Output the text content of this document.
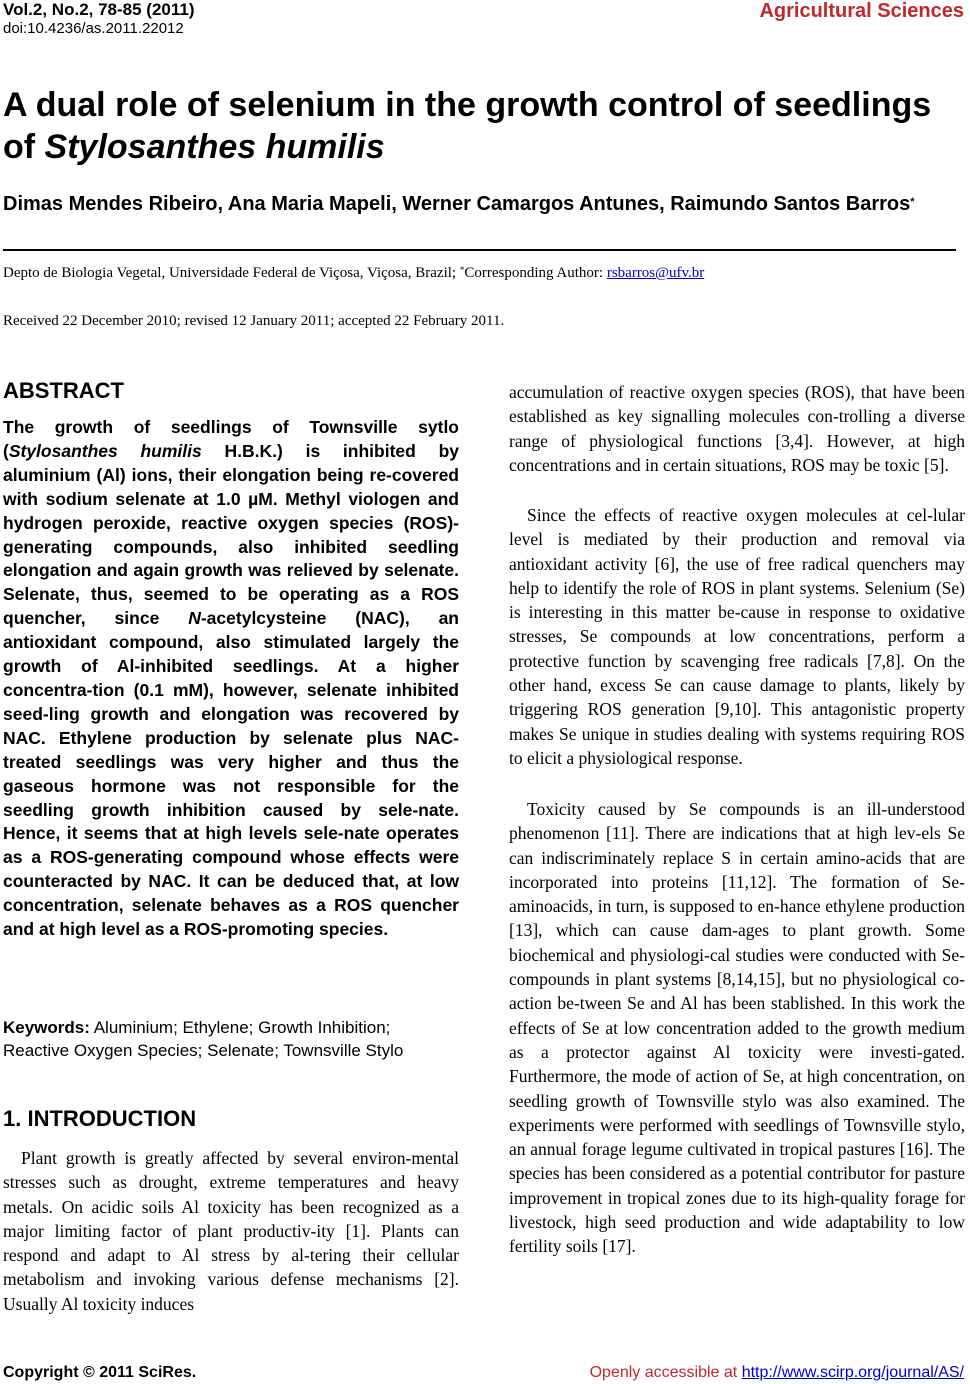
Vol.2, No.2, 78-85 (2011)
doi:10.4236/as.2011.22012
Agricultural Sciences
A dual role of selenium in the growth control of seedlings of Stylosanthes humilis
Dimas Mendes Ribeiro, Ana Maria Mapeli, Werner Camargos Antunes, Raimundo Santos Barros*
Depto de Biologia Vegetal, Universidade Federal de Viçosa, Viçosa, Brazil; *Corresponding Author: rsbarros@ufv.br
Received 22 December 2010; revised 12 January 2011; accepted 22 February 2011.
ABSTRACT
The growth of seedlings of Townsville sytlo (Stylosanthes humilis H.B.K.) is inhibited by aluminium (Al) ions, their elongation being re-covered with sodium selenate at 1.0 µM. Methyl viologen and hydrogen peroxide, reactive oxygen species (ROS)-generating compounds, also inhibited seedling elongation and again growth was relieved by selenate. Selenate, thus, seemed to be operating as a ROS quencher, since N-acetylcysteine (NAC), an antioxidant compound, also stimulated largely the growth of Al-inhibited seedlings. At a higher concentra-tion (0.1 mM), however, selenate inhibited seed-ling growth and elongation was recovered by NAC. Ethylene production by selenate plus NAC-treated seedlings was very higher and thus the gaseous hormone was not responsible for the seedling growth inhibition caused by sele-nate. Hence, it seems that at high levels sele-nate operates as a ROS-generating compound whose effects were counteracted by NAC. It can be deduced that, at low concentration, selenate behaves as a ROS quencher and at high level as a ROS-promoting species.
Keywords: Aluminium; Ethylene; Growth Inhibition; Reactive Oxygen Species; Selenate; Townsville Stylo
1. INTRODUCTION
Plant growth is greatly affected by several environ-mental stresses such as drought, extreme temperatures and heavy metals. On acidic soils Al toxicity has been recognized as a major limiting factor of plant productiv-ity [1]. Plants can respond and adapt to Al stress by al-tering their cellular metabolism and invoking various defense mechanisms [2]. Usually Al toxicity induces
accumulation of reactive oxygen species (ROS), that have been established as key signalling molecules con-trolling a diverse range of physiological functions [3,4]. However, at high concentrations and in certain situations, ROS may be toxic [5].
Since the effects of reactive oxygen molecules at cel-lular level is mediated by their production and removal via antioxidant activity [6], the use of free radical quenchers may help to identify the role of ROS in plant systems. Selenium (Se) is interesting in this matter be-cause in response to oxidative stresses, Se compounds at low concentrations, perform a protective function by scavenging free radicals [7,8]. On the other hand, excess Se can cause damage to plants, likely by triggering ROS generation [9,10]. This antagonistic property makes Se unique in studies dealing with systems requiring ROS to elicit a physiological response.
Toxicity caused by Se compounds is an ill-understood phenomenon [11]. There are indications that at high lev-els Se can indiscriminately replace S in certain amino-acids that are incorporated into proteins [11,12]. The formation of Se-aminoacids, in turn, is supposed to en-hance ethylene production [13], which can cause dam-ages to plant growth. Some biochemical and physiologi-cal studies were conducted with Se-compounds in plant systems [8,14,15], but no physiological co-action be-tween Se and Al has been stablished. In this work the effects of Se at low concentration added to the growth medium as a protector against Al toxicity were investi-gated. Furthermore, the mode of action of Se, at high concentration, on seedling growth of Townsville stylo was also examined. The experiments were performed with seedlings of Townsville stylo, an annual forage legume cultivated in tropical pastures [16]. The species has been considered as a potential contributor for pasture improvement in tropical zones due to its high-quality forage for livestock, high seed production and wide adaptability to low fertility soils [17].
Copyright © 2011 SciRes.	Openly accessible at http://www.scirp.org/journal/AS/
